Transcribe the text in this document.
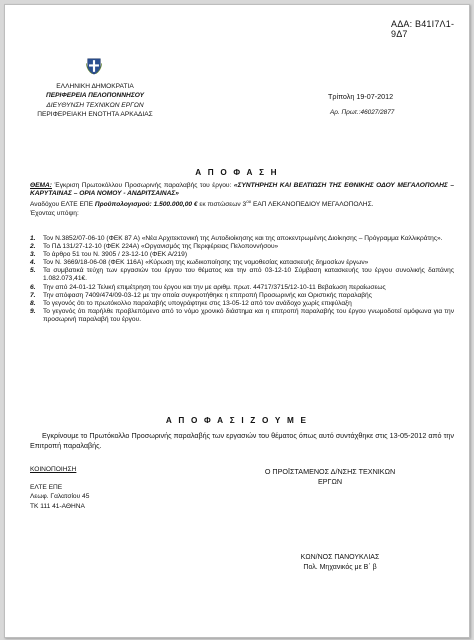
ΑΔΑ: Β41Ι7Λ1-9Δ7
ΕΛΛΗΝΙΚΗ ΔΗΜΟΚΡΑΤΙΑ
ΠΕΡΙΦΕΡΕΙΑ ΠΕΛΟΠΟΝΝΗΣΟΥ
ΔΙΕΥΘΥΝΣΗ ΤΕΧΝΙΚΩΝ ΕΡΓΩΝ
ΠΕΡΙΦΕΡΕΙΑΚΗ ΕΝΟΤΗΤΑ ΑΡΚΑΔΙΑΣ
Τρίπολη 19-07-2012
Αρ. Πρωτ.:46027/2877
Α Π Ο Φ Α Σ Η
ΘΕΜΑ: Έγκριση Πρωτοκόλλου Προσωρινής παραλαβής του έργου: «ΣΥΝΤΗΡΗΣΗ ΚΑΙ ΒΕΛΤΙΩΣΗ ΤΗΣ ΕΘΝΙΚΗΣ ΟΔΟΥ ΜΕΓΑΛΟΠΟΛΗΣ – ΚΑΡΥΤΑΙΝΑΣ – ΟΡΙΑ ΝΟΜΟΥ - ΑΝΔΡΙΤΣΑΙΝΑΣ»
Αναδόχου ΕΛΤΕ ΕΠΕ Προϋπολογισμού: 1.500.000,00 € εκ πιστώσεων $3^{o\upsilon}$ ΕΑΠ ΛΕΚΑΝΟΠΕΔΙΟΥ ΜΕΓΑΛΟΠΟΛΗΣ.
Έχοντας υπόψη:
1. Τον Ν.3852/07-06-10 (ΦΕΚ 87 Α) «Νέα Αρχιτεκτονική της Αυτοδιοίκησης και της αποκεντρωμένης Διοίκησης – Πρόγραμμα Καλλικράτης».
2. Το ΠΔ 131/27-12-10 (ΦΕΚ 224Α) «Οργανισμός της Περιφέρειας Πελοποννήσου»
3. Το άρθρο 51 του Ν. 3905 / 23-12-10 (ΦΕΚ Α/219)
4. Τον Ν. 3669/18-06-08 (ΦΕΚ 116Α) «Κύρωση της κωδικοποίησης της νομοθεσίας κατασκευής δημοσίων έργων»
5. Τα συμβατικά τεύχη των εργασιών του έργου του θέματος και την από 03-12-10 Σύμβαση κατασκευής του έργου συνολικής δαπάνης 1.082.073,41€.
6. Την από 24-01-12 Τελική επιμέτρηση του έργου και την με αριθμ. πρωτ. 44717/3715/12-10-11 Βεβαίωση περαίωσεως
7. Την απόφαση 7409/474/09-03-12 με την οποία συγκροτήθηκε η επιτροπή Προσωρινής και Οριστικής παραλαβής
8. Το γεγονός ότι το πρωτόκολλο παραλαβής υπογράφτηκε στις 13-05-12 από τον ανάδοχο χωρίς επιφύλαξη
9. Το γεγονός ότι παρήλθε προβλεπόμενο από το νόμο χρονικό διάστημα και η επιτροπή παραλαβής του έργου γνωμοδοτεί ομόφωνα για την προσωρινή παραλαβή του έργου.
Α Π Ο Φ Α Σ Ι Ζ Ο Υ Μ Ε
Εγκρίνουμε το Πρωτόκολλο Προσωρινής παραλαβής των εργασιών του θέματος όπως αυτό συντάχθηκε στις 13-05-2012 από την Επιτροπή παραλαβής.
ΚΟΙΝΟΠΟΙΗΣΗ
ΕΛΤΕ ΕΠΕ
Λεωφ. Γαλατσίου 45
ΤΚ 111 41-ΑΘΗΝΑ
Ο ΠΡΟΪΣΤΑΜΕΝΟΣ Δ/ΝΣΗΣ ΤΕΧΝΙΚΩΝ
ΕΡΓΩΝ
ΚΩΝ/ΝΟΣ ΠΑΝΟΥΚΛΙΑΣ
Πολ. Μηχανικός με Β΄ β
